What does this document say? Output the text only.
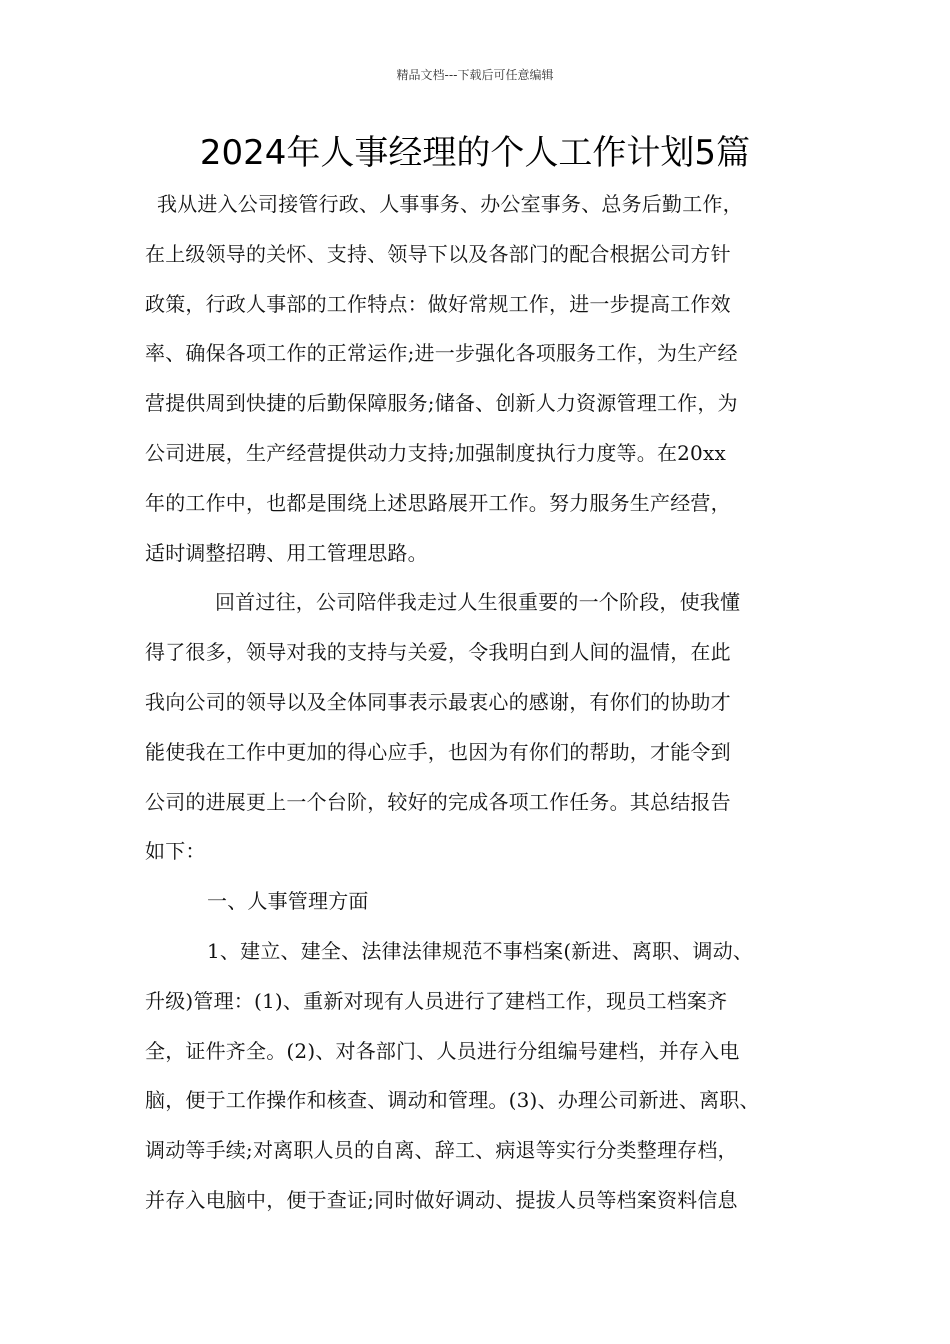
精品文档---下载后可任意编辑
2024年人事经理的个人工作计划5篇
我从进入公司接管行政、人事事务、办公室事务、总务后勤工作，
在上级领导的关怀、支持、领导下以及各部门的配合根据公司方针
政策，行政人事部的工作特点：做好常规工作，进一步提高工作效
率、确保各项工作的正常运作;进一步强化各项服务工作，为生产经
营提供周到快捷的后勤保障服务;储备、创新人力资源管理工作，为
公司进展，生产经营提供动力支持;加强制度执行力度等。在20xx
年的工作中，也都是围绕上述思路展开工作。努力服务生产经营，
适时调整招聘、用工管理思路。
回首过往，公司陪伴我走过人生很重要的一个阶段，使我懂
得了很多，领导对我的支持与关爱，令我明白到人间的温情，在此
我向公司的领导以及全体同事表示最衷心的感谢，有你们的协助才
能使我在工作中更加的得心应手，也因为有你们的帮助，才能令到
公司的进展更上一个台阶，较好的完成各项工作任务。其总结报告
如下：
一、人事管理方面
1、建立、建全、法律法律规范不事档案(新进、离职、调动、
升级)管理：(1)、重新对现有人员进行了建档工作，现员工档案齐
全，证件齐全。(2)、对各部门、人员进行分组编号建档，并存入电
脑，便于工作操作和核查、调动和管理。(3)、办理公司新进、离职、
调动等手续;对离职人员的自离、辞工、病退等实行分类整理存档，
并存入电脑中，便于查证;同时做好调动、提拔人员等档案资料信息
